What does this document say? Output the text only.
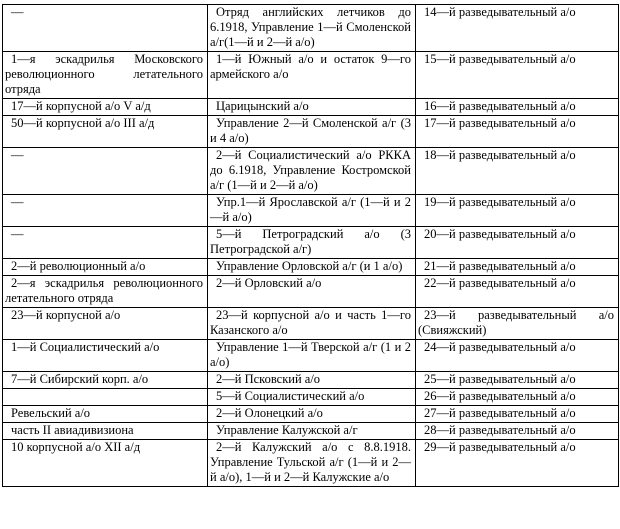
—	Отряд английских летчиков до 6.1918, Управление 1—й Смоленской а/г(1—й и 2—й а/о)	14—й разведывательный а/о
1—я эскадрилья Московского революционного летательного отряда	1—й Южный а/о и остаток 9—го армейского а/о	15—й разведывательный а/о
17—й корпусной а/о V а/д	Царицынский а/о	16—й разведывательный а/о
50—й корпусной а/о III а/д	Управление 2—й Смоленской а/г (3 и 4 а/о)	17—й разведывательный а/о
—	2—й Социалистический а/о РККА до 6.1918, Управление Костромской а/г (1—й и 2—й а/о)	18—й разведывательный а/о
—	Упр.1—й Ярославской а/г (1—й и 2—й а/о)	19—й разведывательный а/о
—	5—й Петроградский а/о (3 Петроградской а/г)	20—й разведывательный а/о
2—й революционный а/о	Управление Орловской а/г (и 1 а/о)	21—й разведывательный а/о
2—я эскадрилья революционного летательного отряда	2—й Орловский а/о	22—й разведывательный а/о
23—й корпусной а/о	23—й корпусной а/о и часть 1—го Казанского а/о	23—й разведывательный а/о (Свияжский)
1—й Социалистический а/о	Управление 1—й Тверской а/г (1 и 2 а/о)	24—й разведывательный а/о
7—й Сибирский корп. а/о	2—й Псковский а/о	25—й разведывательный а/о
	5—й Социалистический а/о	26—й разведывательный а/о
Ревельский а/о	2—й Олонецкий а/о	27—й разведывательный а/о
часть II авиадивизиона	Управление Калужской а/г	28—й разведывательный а/о
10 корпусной а/о XII а/д	2—й Калужский а/о с 8.8.1918. Управление Тульской а/г (1—й и 2—й а/о), 1—й и 2—й Калужские а/о	29—й разведывательный а/о
